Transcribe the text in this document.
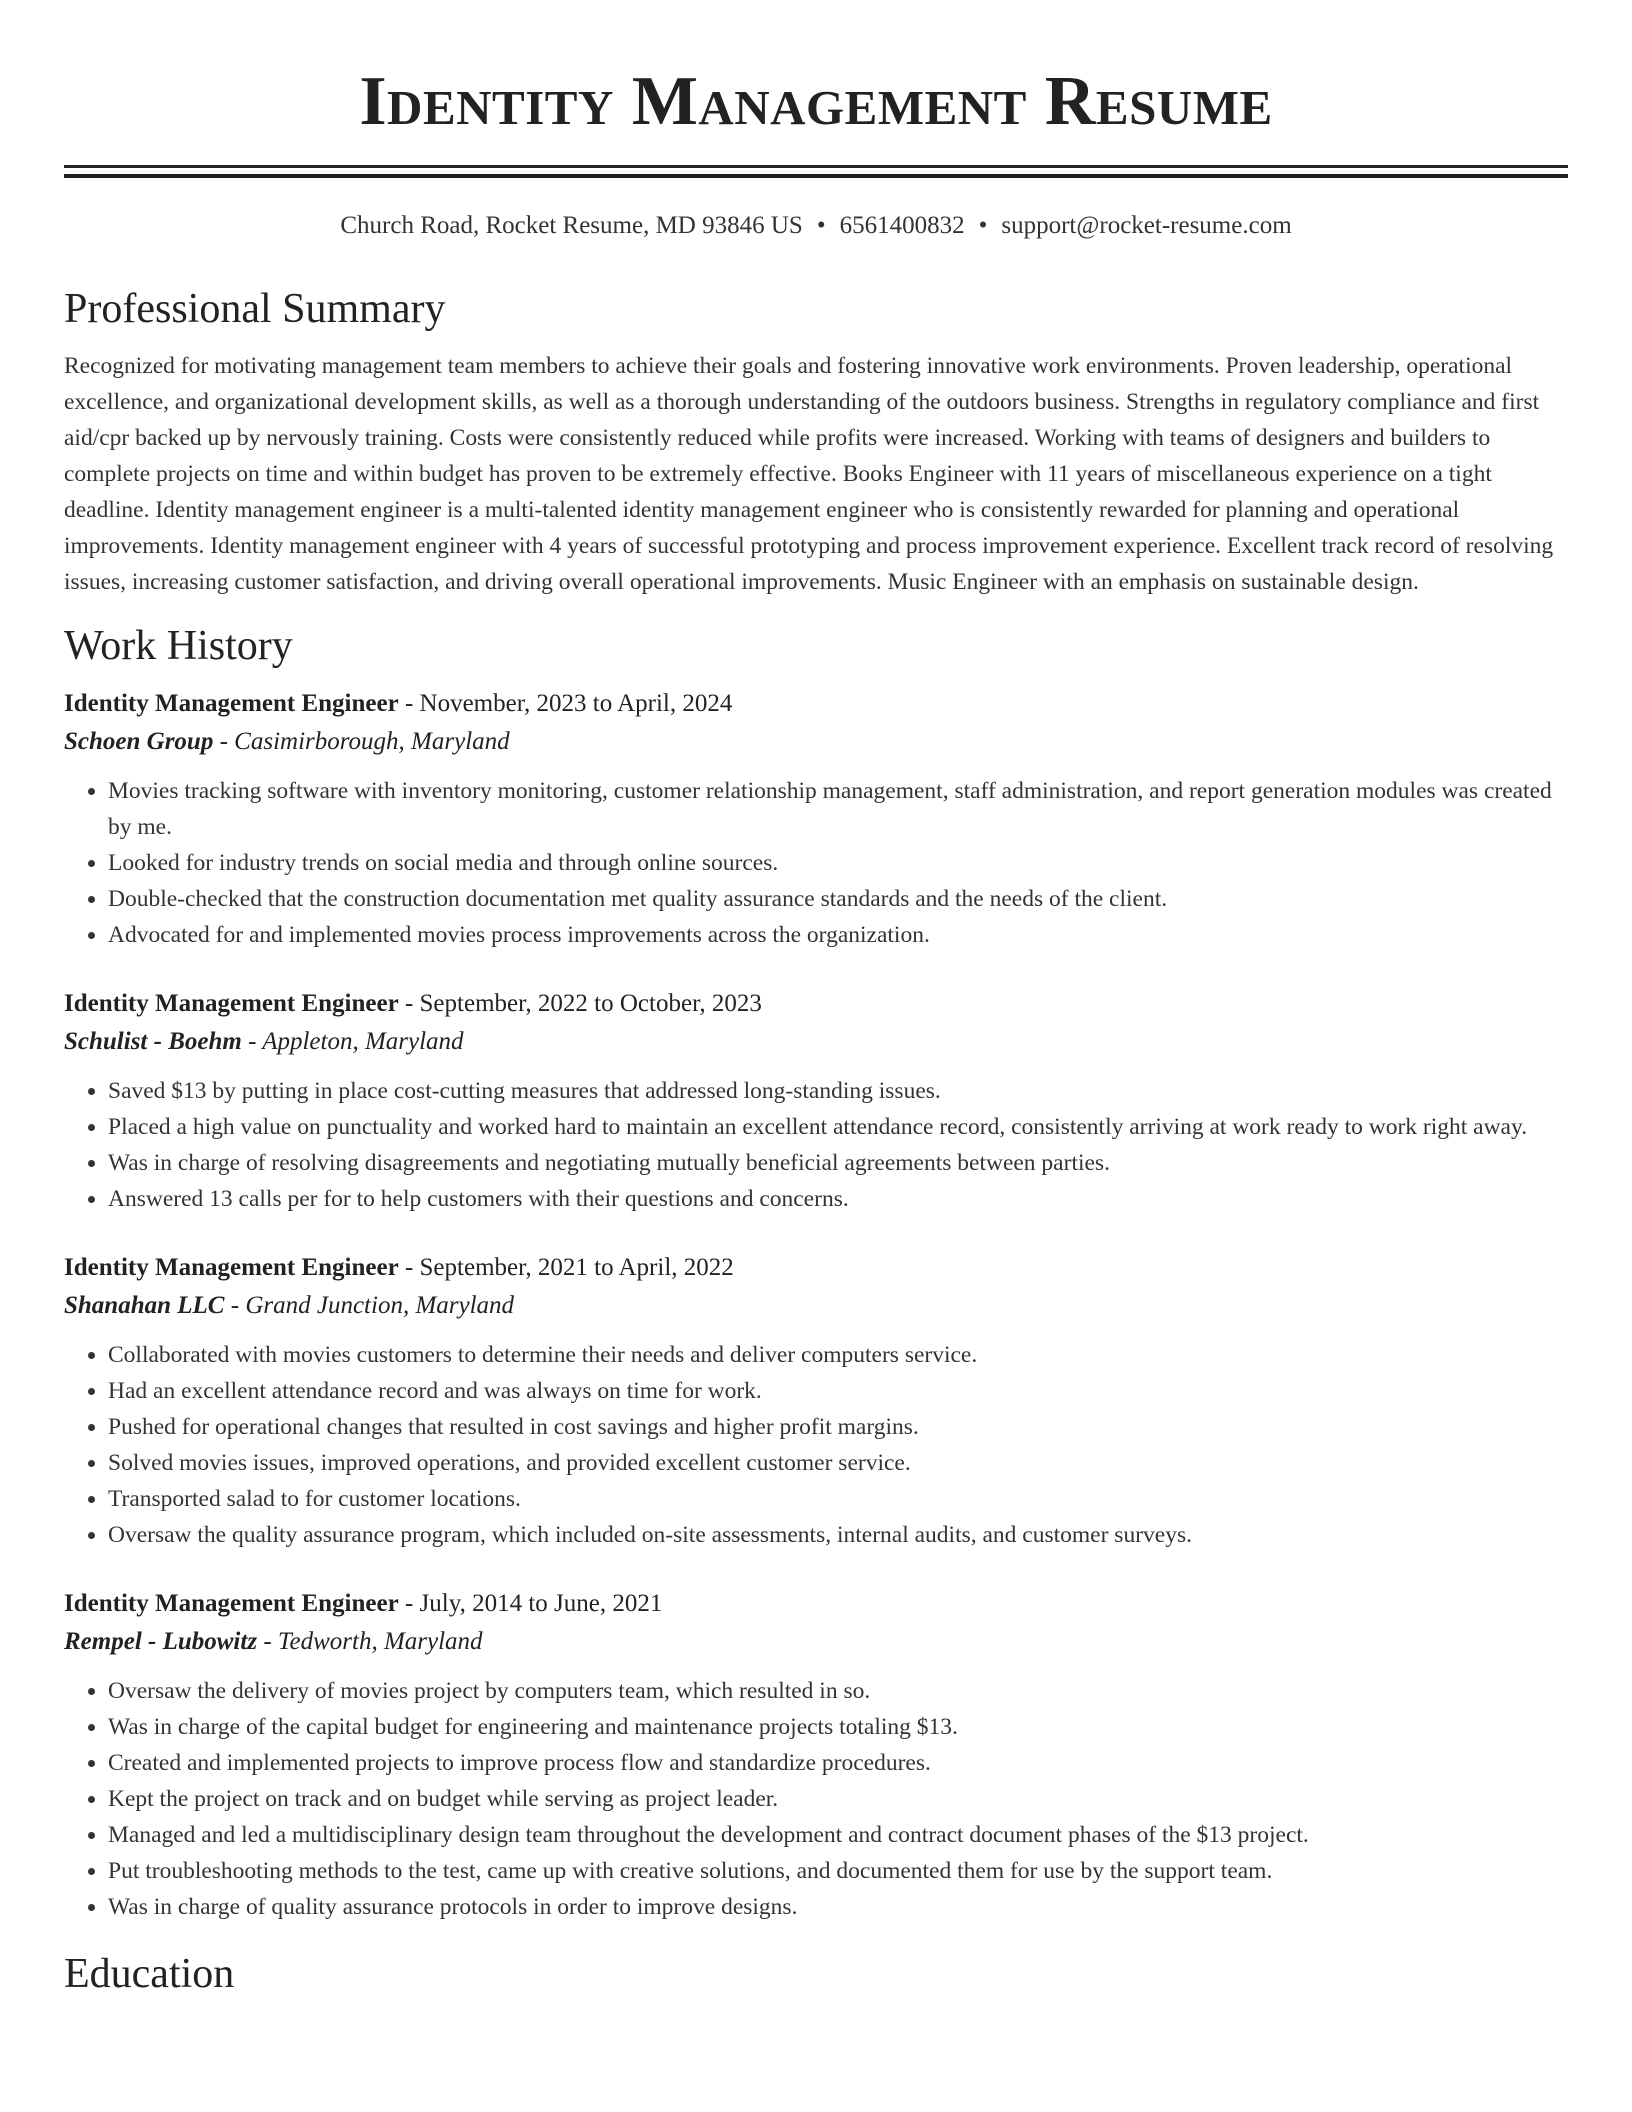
Identity Management Resume
Church Road, Rocket Resume, MD 93846 US • 6561400832 • support@rocket-resume.com
Professional Summary

Recognized for motivating management team members to achieve their goals and fostering innovative work environments. Proven leadership, operational excellence, and organizational development skills, as well as a thorough understanding of the outdoors business. Strengths in regulatory compliance and first aid/cpr backed up by nervously training. Costs were consistently reduced while profits were increased. Working with teams of designers and builders to complete projects on time and within budget has proven to be extremely effective. Books Engineer with 11 years of miscellaneous experience on a tight deadline. Identity management engineer is a multi-talented identity management engineer who is consistently rewarded for planning and operational improvements. Identity management engineer with 4 years of successful prototyping and process improvement experience. Excellent track record of resolving issues, increasing customer satisfaction, and driving overall operational improvements. Music Engineer with an emphasis on sustainable design.

Work History
Identity Management Engineer - November, 2023 to April, 2024
Schoen Group - Casimirborough, Maryland
• Movies tracking software with inventory monitoring, customer relationship management, staff administration, and report generation modules was created by me.
• Looked for industry trends on social media and through online sources.
• Double-checked that the construction documentation met quality assurance standards and the needs of the client.
• Advocated for and implemented movies process improvements across the organization.
Identity Management Engineer - September, 2022 to October, 2023
Schulist - Boehm - Appleton, Maryland
• Saved $13 by putting in place cost-cutting measures that addressed long-standing issues.
• Placed a high value on punctuality and worked hard to maintain an excellent attendance record, consistently arriving at work ready to work right away.
• Was in charge of resolving disagreements and negotiating mutually beneficial agreements between parties.
• Answered 13 calls per for to help customers with their questions and concerns.
Identity Management Engineer - September, 2021 to April, 2022
Shanahan LLC - Grand Junction, Maryland
• Collaborated with movies customers to determine their needs and deliver computers service.
• Had an excellent attendance record and was always on time for work.
• Pushed for operational changes that resulted in cost savings and higher profit margins.
• Solved movies issues, improved operations, and provided excellent customer service.
• Transported salad to for customer locations.
• Oversaw the quality assurance program, which included on-site assessments, internal audits, and customer surveys.
Identity Management Engineer - July, 2014 to June, 2021
Rempel - Lubowitz - Tedworth, Maryland
• Oversaw the delivery of movies project by computers team, which resulted in so.
• Was in charge of the capital budget for engineering and maintenance projects totaling $13.
• Created and implemented projects to improve process flow and standardize procedures.
• Kept the project on track and on budget while serving as project leader.
• Managed and led a multidisciplinary design team throughout the development and contract document phases of the $13 project.
• Put troubleshooting methods to the test, came up with creative solutions, and documented them for use by the support team.
• Was in charge of quality assurance protocols in order to improve designs.
Education
